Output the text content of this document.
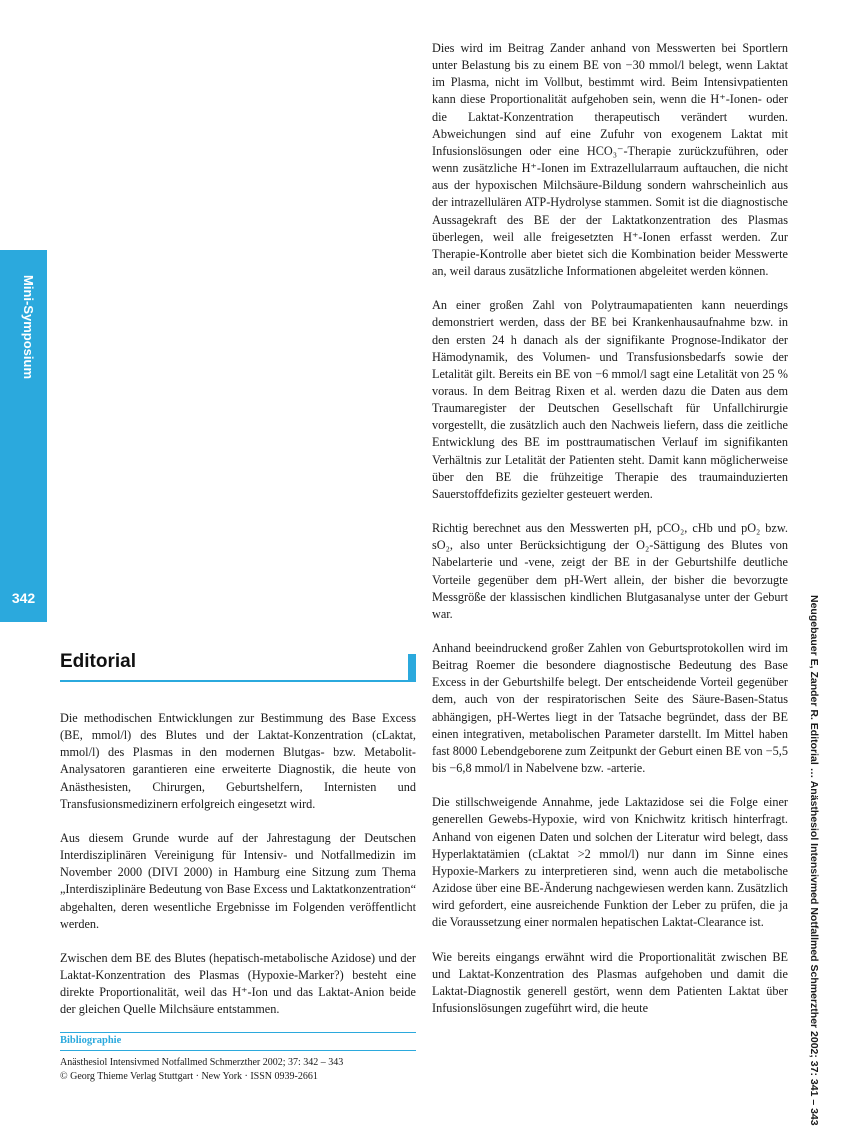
Mini-Symposium
342

Dies wird im Beitrag Zander anhand von Messwerten bei Sportlern unter Belastung bis zu einem BE von −30 mmol/l belegt, wenn Laktat im Plasma, nicht im Vollbut, bestimmt wird. Beim Intensivpatienten kann diese Proportionalität aufgehoben sein, wenn die H⁺-Ionen- oder die Laktat-Konzentration therapeutisch verändert wurden. Abweichungen sind auf eine Zufuhr von exogenem Laktat mit Infusionslösungen oder eine HCO₃⁻-Therapie zurückzuführen, oder wenn zusätzliche H⁺-Ionen im Extrazellularraum auftauchen, die nicht aus der hypoxischen Milchsäure-Bildung sondern wahrscheinlich aus der intrazellulären ATP-Hydrolyse stammen. Somit ist die diagnostische Aussagekraft des BE der der Laktatkonzentration des Plasmas überlegen, weil alle freigesetzten H⁺-Ionen erfasst werden. Zur Therapie-Kontrolle aber bietet sich die Kombination beider Messwerte an, weil daraus zusätzliche Informationen abgeleitet werden können.

An einer großen Zahl von Polytraumapatienten kann neuerdings demonstriert werden, dass der BE bei Krankenhausaufnahme bzw. in den ersten 24 h danach als der signifikante Prognose-Indikator der Hämodynamik, des Volumen- und Transfusionsbedarfs sowie der Letalität gilt. Bereits ein BE von −6 mmol/l sagt eine Letalität von 25 % voraus. In dem Beitrag Rixen et al. werden dazu die Daten aus dem Traumaregister der Deutschen Gesellschaft für Unfallchirurgie vorgestellt, die zusätzlich auch den Nachweis liefern, dass die zeitliche Entwicklung des BE im posttraumatischen Verlauf im signifikanten Verhältnis zur Letalität der Patienten steht. Damit kann möglicherweise über den BE die frühzeitige Therapie des traumainduzierten Sauerstoffdefizits gezielter gesteuert werden.

Richtig berechnet aus den Messwerten pH, pCO₂, cHb und pO₂ bzw. sO₂, also unter Berücksichtigung der O₂-Sättigung des Blutes von Nabelarterie und -vene, zeigt der BE in der Geburtshilfe deutliche Vorteile gegenüber dem pH-Wert allein, der bisher die bevorzugte Messgröße der klassischen kindlichen Blutgasanalyse unter der Geburt war.

Anhand beeindruckend großer Zahlen von Geburtsprotokollen wird im Beitrag Roemer die besondere diagnostische Bedeutung des Base Excess in der Geburtshilfe belegt. Der entscheidende Vorteil gegenüber dem, auch von der respiratorischen Seite des Säure-Basen-Status abhängigen, pH-Wertes liegt in der Tatsache begründet, dass der BE einen integrativen, metabolischen Parameter darstellt. Im Mittel haben fast 8000 Lebendgeborene zum Zeitpunkt der Geburt einen BE von −5,5 bis −6,8 mmol/l in Nabelvene bzw. -arterie.

Die stillschweigende Annahme, jede Laktazidose sei die Folge einer generellen Gewebs-Hypoxie, wird von Knichwitz kritisch hinterfragt. Anhand von eigenen Daten und solchen der Literatur wird belegt, dass Hyperlaktatämien (cLaktat >2 mmol/l) nur dann im Sinne eines Hypoxie-Markers zu interpretieren sind, wenn auch die metabolische Azidose über eine BE-Änderung nachgewiesen werden kann. Zusätzlich wird gefordert, eine ausreichende Funktion der Leber zu prüfen, die ja die Voraussetzung einer normalen hepatischen Laktat-Clearance ist.

Wie bereits eingangs erwähnt wird die Proportionalität zwischen BE und Laktat-Konzentration des Plasmas aufgehoben und damit die Laktat-Diagnostik generell gestört, wenn dem Patienten Laktat über Infusionslösungen zugeführt wird, die heute

Editorial

Die methodischen Entwicklungen zur Bestimmung des Base Excess (BE, mmol/l) des Blutes und der Laktat-Konzentration (cLaktat, mmol/l) des Plasmas in den modernen Blutgas- bzw. Metabolit-Analysatoren garantieren eine erweiterte Diagnostik, die heute von Anästhesisten, Chirurgen, Geburtshelfern, Internisten und Transfusionsmedizinern erfolgreich eingesetzt wird.

Aus diesem Grunde wurde auf der Jahrestagung der Deutschen Interdisziplinären Vereinigung für Intensiv- und Notfallmedizin im November 2000 (DIVI 2000) in Hamburg eine Sitzung zum Thema „Interdisziplinäre Bedeutung von Base Excess und Laktatkonzentration“ abgehalten, deren wesentliche Ergebnisse im Folgenden veröffentlicht werden.

Zwischen dem BE des Blutes (hepatisch-metabolische Azidose) und der Laktat-Konzentration des Plasmas (Hypoxie-Marker?) besteht eine direkte Proportionalität, weil das H⁺-Ion und das Laktat-Anion beide der gleichen Quelle Milchsäure entstammen.

Bibliographie
Anästhesiol Intensivmed Notfallmed Schmerzther 2002; 37: 342 – 343
© Georg Thieme Verlag Stuttgart · New York · ISSN 0939-2661	Neugebauer E, Zander R. Editorial … Anästhesiol Intensivmed Notfallmed Schmerzther 2002; 37: 341 – 343
